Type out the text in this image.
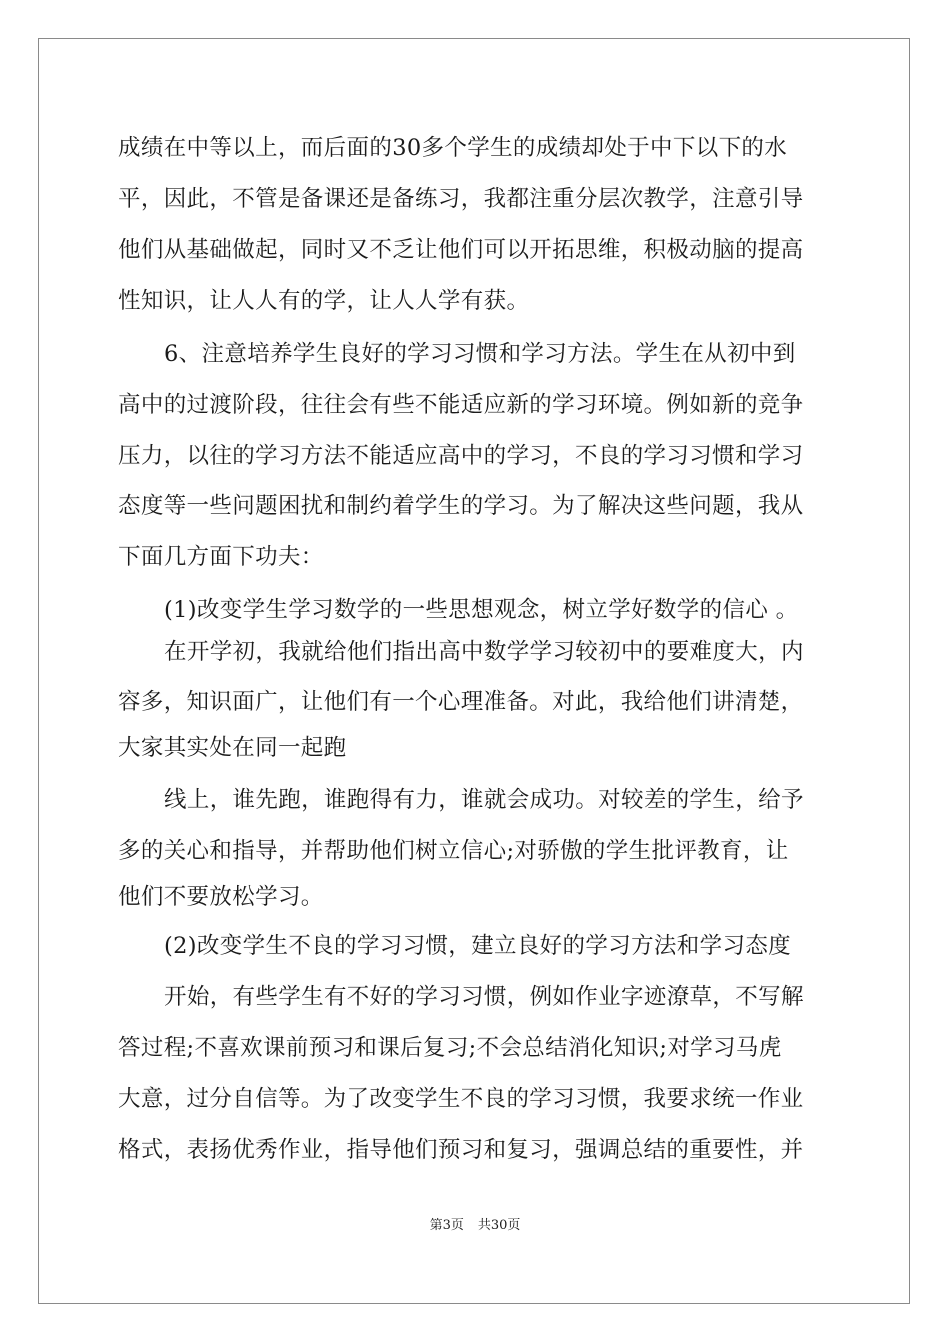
成绩在中等以上，而后面的30多个学生的成绩却处于中下以下的水
平，因此，不管是备课还是备练习，我都注重分层次教学，注意引导
他们从基础做起，同时又不乏让他们可以开拓思维，积极动脑的提高
性知识，让人人有的学，让人人学有获。
6、注意培养学生良好的学习习惯和学习方法。学生在从初中到
高中的过渡阶段，往往会有些不能适应新的学习环境。例如新的竞争
压力，以往的学习方法不能适应高中的学习，不良的学习习惯和学习
态度等一些问题困扰和制约着学生的学习。为了解决这些问题，我从
下面几方面下功夫：
(1)改变学生学习数学的一些思想观念，树立学好数学的信心 。
在开学初，我就给他们指出高中数学学习较初中的要难度大，内
容多，知识面广，让他们有一个心理准备。对此，我给他们讲清楚，
大家其实处在同一起跑
线上，谁先跑，谁跑得有力，谁就会成功。对较差的学生，给予
多的关心和指导，并帮助他们树立信心;对骄傲的学生批评教育，让
他们不要放松学习。
(2)改变学生不良的学习习惯，建立良好的学习方法和学习态度
开始，有些学生有不好的学习习惯，例如作业字迹潦草，不写解
答过程;不喜欢课前预习和课后复习;不会总结消化知识;对学习马虎
大意，过分自信等。为了改变学生不良的学习习惯，我要求统一作业
格式，表扬优秀作业，指导他们预习和复习，强调总结的重要性，并
第3页 共30页
